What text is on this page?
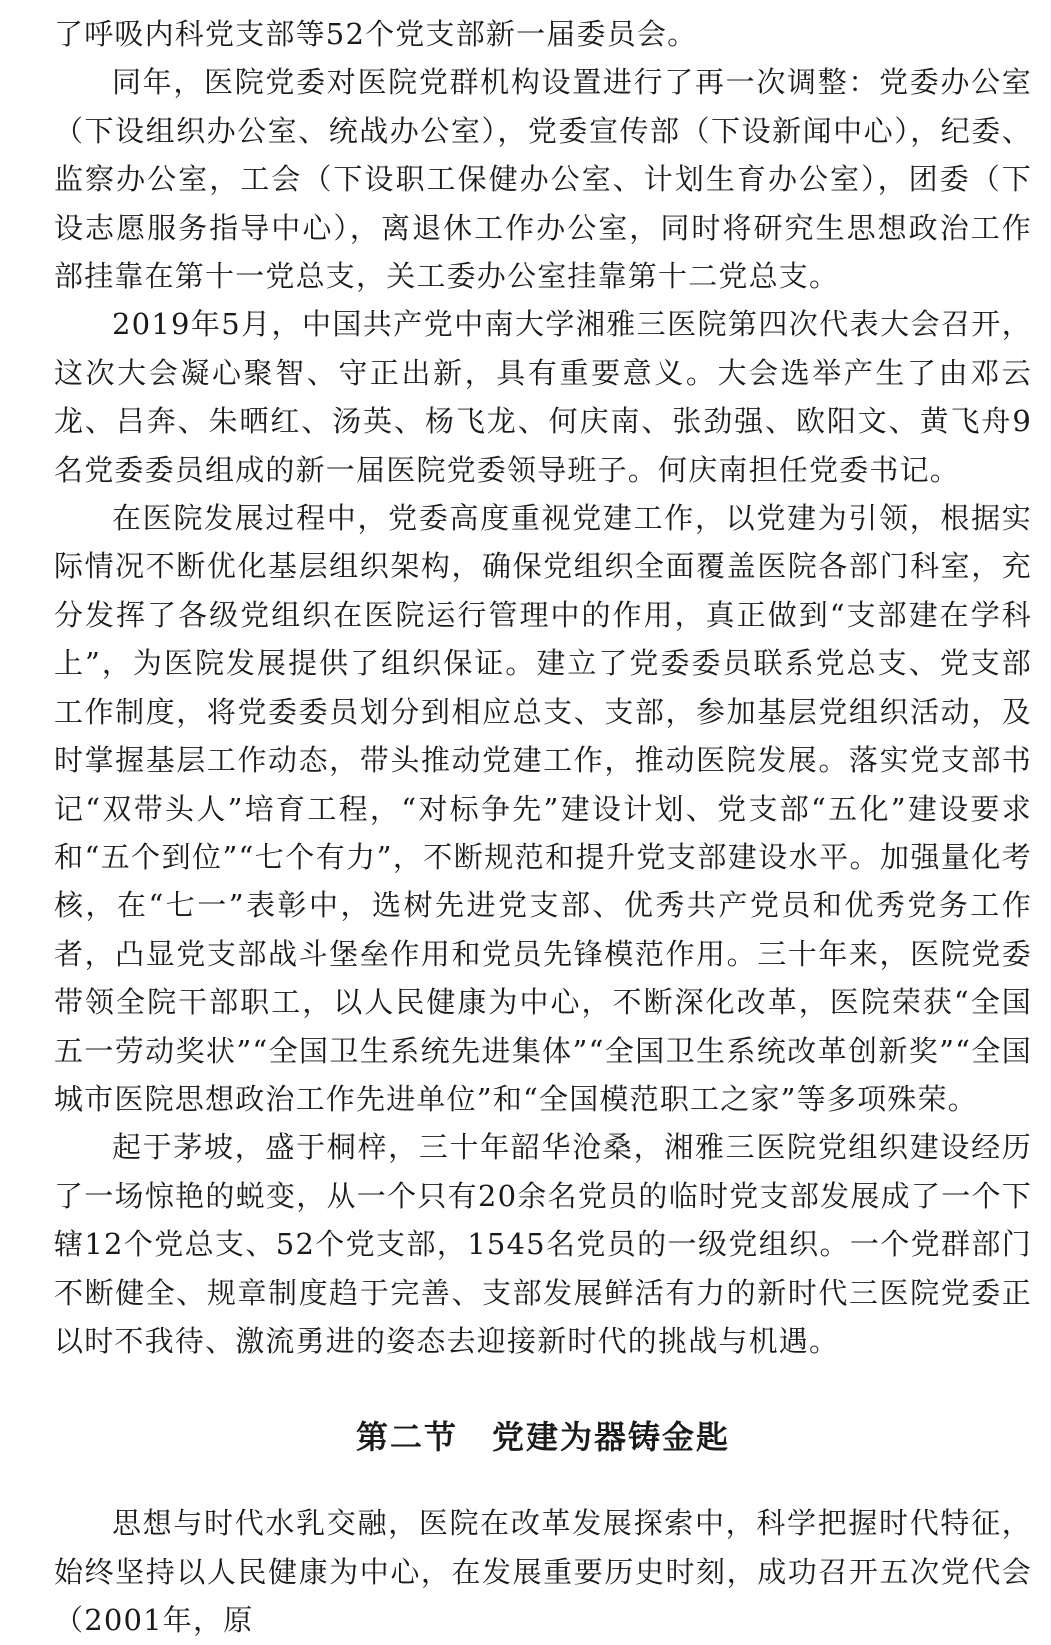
了呼吸内科党支部等52个党支部新一届委员会。

同年，医院党委对医院党群机构设置进行了再一次调整：党委办公室（下设组织办公室、统战办公室），党委宣传部（下设新闻中心），纪委、监察办公室，工会（下设职工保健办公室、计划生育办公室），团委（下设志愿服务指导中心），离退休工作办公室，同时将研究生思想政治工作部挂靠在第十一党总支，关工委办公室挂靠第十二党总支。

2019年5月，中国共产党中南大学湘雅三医院第四次代表大会召开，这次大会凝心聚智、守正出新，具有重要意义。大会选举产生了由邓云龙、吕奔、朱晒红、汤英、杨飞龙、何庆南、张劲强、欧阳文、黄飞舟9名党委委员组成的新一届医院党委领导班子。何庆南担任党委书记。

在医院发展过程中，党委高度重视党建工作，以党建为引领，根据实际情况不断优化基层组织架构，确保党组织全面覆盖医院各部门科室，充分发挥了各级党组织在医院运行管理中的作用，真正做到“支部建在学科上”，为医院发展提供了组织保证。建立了党委委员联系党总支、党支部工作制度，将党委委员划分到相应总支、支部，参加基层党组织活动，及时掌握基层工作动态，带头推动党建工作，推动医院发展。落实党支部书记“双带头人”培育工程，“对标争先”建设计划、党支部“五化”建设要求和“五个到位”“七个有力”，不断规范和提升党支部建设水平。加强量化考核，在“七一”表彰中，选树先进党支部、优秀共产党员和优秀党务工作者，凸显党支部战斗堡垒作用和党员先锋模范作用。三十年来，医院党委带领全院干部职工，以人民健康为中心，不断深化改革，医院荣获“全国五一劳动奖状”“全国卫生系统先进集体”“全国卫生系统改革创新奖”“全国城市医院思想政治工作先进单位”和“全国模范职工之家”等多项殊荣。

起于茅坡，盛于桐梓，三十年韶华沧桑，湘雅三医院党组织建设经历了一场惊艳的蜕变，从一个只有20余名党员的临时党支部发展成了一个下辖12个党总支、52个党支部，1545名党员的一级党组织。一个党群部门不断健全、规章制度趋于完善、支部发展鲜活有力的新时代三医院党委正以时不我待、激流勇进的姿态去迎接新时代的挑战与机遇。

第二节　党建为器铸金匙

思想与时代水乳交融，医院在改革发展探索中，科学把握时代特征，始终坚持以人民健康为中心，在发展重要历史时刻，成功召开五次党代会（2001年，原
